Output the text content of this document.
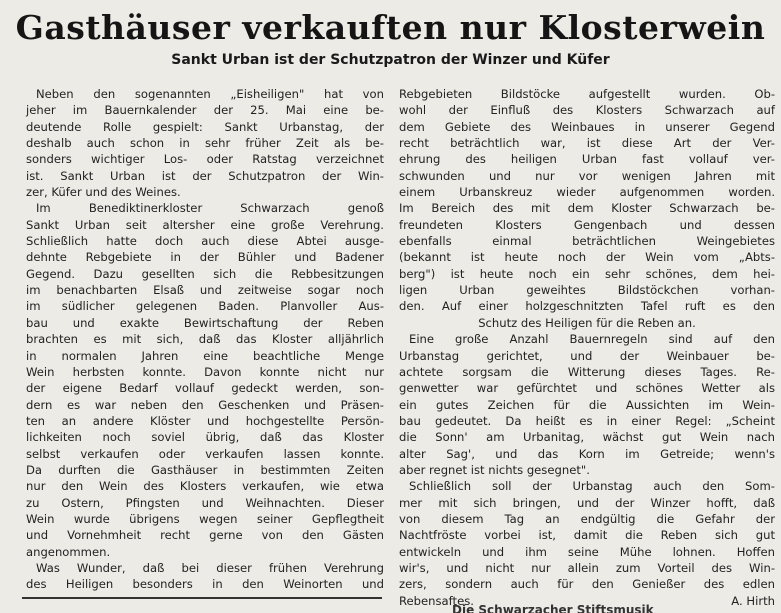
Gasthäuser verkauften nur Klosterwein
Sankt Urban ist der Schutzpatron der Winzer und Küfer
Neben den sogenannten „Eisheiligen" hat von
jeher im Bauernkalender der 25. Mai eine be-
deutende Rolle gespielt: Sankt Urbanstag, der
deshalb auch schon in sehr früher Zeit als be-
sonders wichtiger Los- oder Ratstag verzeichnet
ist. Sankt Urban ist der Schutzpatron der Win-
zer, Küfer und des Weines.
Im Benediktinerkloster Schwarzach genoß
Sankt Urban seit altersher eine große Verehrung.
Schließlich hatte doch auch diese Abtei ausge-
dehnte Rebgebiete in der Bühler und Badener
Gegend. Dazu gesellten sich die Rebbesitzungen
im benachbarten Elsaß und zeitweise sogar noch
im südlicher gelegenen Baden. Planvoller Aus-
bau und exakte Bewirtschaftung der Reben
brachten es mit sich, daß das Kloster alljährlich
in normalen Jahren eine beachtliche Menge
Wein herbsten konnte. Davon konnte nicht nur
der eigene Bedarf vollauf gedeckt werden, son-
dern es war neben den Geschenken und Präsen-
ten an andere Klöster und hochgestellte Persön-
lichkeiten noch soviel übrig, daß das Kloster
selbst verkaufen oder verkaufen lassen konnte.
Da durften die Gasthäuser in bestimmten Zeiten
nur den Wein des Klosters verkaufen, wie etwa
zu Ostern, Pfingsten und Weihnachten. Dieser
Wein wurde übrigens wegen seiner Gepflegtheit
und Vornehmheit recht gerne von den Gästen
angenommen.
Was Wunder, daß bei dieser frühen Verehrung
des Heiligen besonders in den Weinorten und
Rebgebieten Bildstöcke aufgestellt wurden. Ob-
wohl der Einfluß des Klosters Schwarzach auf
dem Gebiete des Weinbaues in unserer Gegend
recht beträchtlich war, ist diese Art der Ver-
ehrung des heiligen Urban fast vollauf ver-
schwunden und nur vor wenigen Jahren mit
einem Urbanskreuz wieder aufgenommen worden.
Im Bereich des mit dem Kloster Schwarzach be-
freundeten Klosters Gengenbach und dessen
ebenfalls einmal beträchtlichen Weingebietes
(bekannt ist heute noch der Wein vom „Abts-
berg") ist heute noch ein sehr schönes, dem hei-
ligen Urban geweihtes Bildstöckchen vorhan-
den. Auf einer holzgeschnitzten Tafel ruft es den
Schutz des Heiligen für die Reben an.
Eine große Anzahl Bauernregeln sind auf den
Urbanstag gerichtet, und der Weinbauer be-
achtete sorgsam die Witterung dieses Tages. Re-
genwetter war gefürchtet und schönes Wetter als
ein gutes Zeichen für die Aussichten im Wein-
bau gedeutet. Da heißt es in einer Regel: „Scheint
die Sonn' am Urbanitag, wächst gut Wein nach
alter Sag', und das Korn im Getreide; wenn's
aber regnet ist nichts gesegnet".
Schließlich soll der Urbanstag auch den Som-
mer mit sich bringen, und der Winzer hofft, daß
von diesem Tag an endgültig die Gefahr der
Nachtfröste vorbei ist, damit die Reben sich gut
entwickeln und ihm seine Mühe lohnen. Hoffen
wir's, und nicht nur allein zum Vorteil des Win-
zers, sondern auch für den Genießer des edlen
Rebensaftes.	A. Hirth
Die Schwarzacher Stiftsmusik
